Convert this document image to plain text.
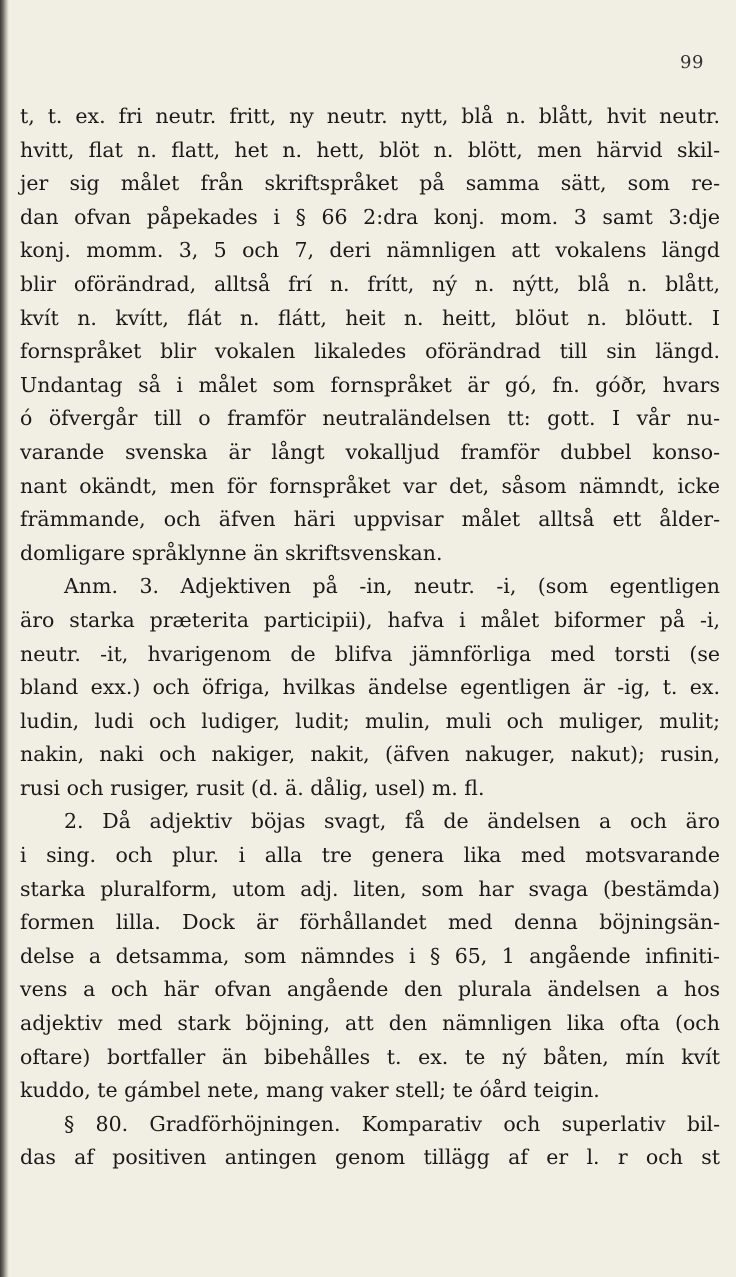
99
t, t. ex. fri neutr. fritt, ny neutr. nytt, blå n. blått, hvit neutr.
hvitt, flat n. flatt, het n. hett, blöt n. blött, men härvid skil-
jer sig målet från skriftspråket på samma sätt, som re-
dan ofvan påpekades i § 66 2:dra konj. mom. 3 samt 3:dje
konj. momm. 3, 5 och 7, deri nämnligen att vokalens längd
blir oförändrad, alltså frí n. frítt, ný n. nýtt, blå n. blått,
kvít n. kvítt, flát n. flátt, heit n. heitt, blöut n. blöutt. I
fornspråket blir vokalen likaledes oförändrad till sin längd.
Undantag så i målet som fornspråket är gó, fn. góðr, hvars
ó öfvergår till o framför neutraländelsen tt: gott. I vår nu-
varande svenska är långt vokalljud framför dubbel konso-
nant okändt, men för fornspråket var det, såsom nämndt, icke
främmande, och äfven häri uppvisar målet alltså ett ålder-
domligare språklynne än skriftsvenskan.
Anm. 3. Adjektiven på -in, neutr. -i, (som egentligen
äro starka præterita participii), hafva i målet biformer på -i,
neutr. -it, hvarigenom de blifva jämnförliga med torsti (se
bland exx.) och öfriga, hvilkas ändelse egentligen är -ig, t. ex.
ludin, ludi och ludiger, ludit; mulin, muli och muliger, mulit;
nakin, naki och nakiger, nakit, (äfven nakuger, nakut); rusin,
rusi och rusiger, rusit (d. ä. dålig, usel) m. fl.
2. Då adjektiv böjas svagt, få de ändelsen a och äro
i sing. och plur. i alla tre genera lika med motsvarande
starka pluralform, utom adj. liten, som har svaga (bestämda)
formen lilla. Dock är förhållandet med denna böjningsän-
delse a detsamma, som nämndes i § 65, 1 angående infiniti-
vens a och här ofvan angående den plurala ändelsen a hos
adjektiv med stark böjning, att den nämnligen lika ofta (och
oftare) bortfaller än bibehålles t. ex. te ný båten, mín kvít
kuddo, te gámbel nete, mang vaker stell; te óård teigin.
§ 80. Gradförhöjningen. Komparativ och superlativ bil-
das af positiven antingen genom tillägg af er l. r och st
